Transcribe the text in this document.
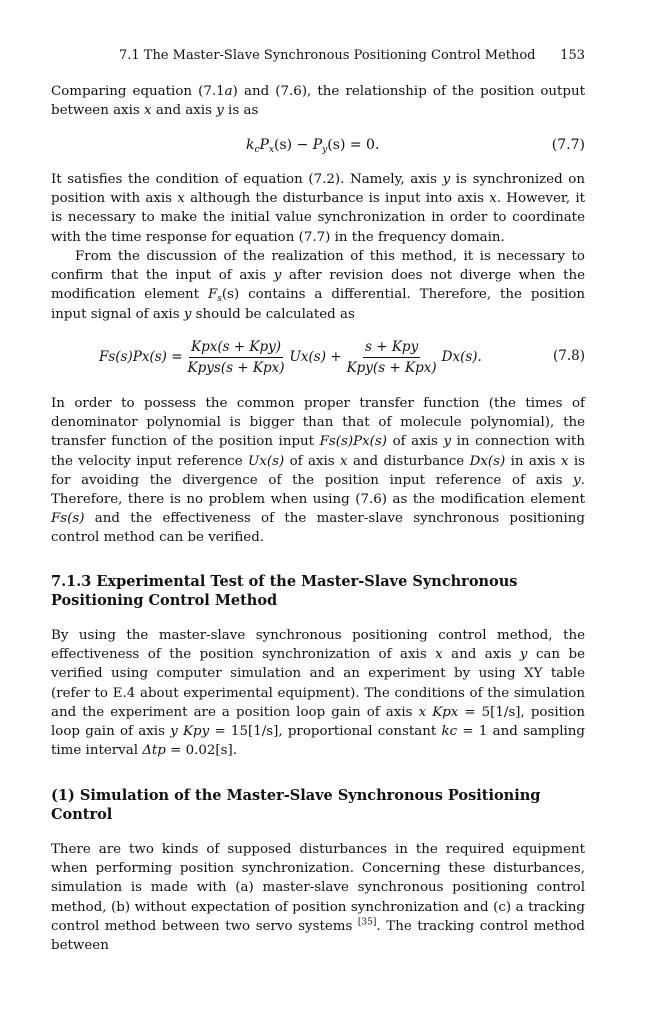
7.1 The Master-Slave Synchronous Positioning Control Method 153

Comparing equation (7.1a) and (7.6), the relationship of the position output between axis x and axis y is as

$k_cP_x(s) - P_y(s) = 0$.	(7.7)

It satisfies the condition of equation (7.2). Namely, axis y is synchronized on position with axis x although the disturbance is input into axis x. However, it is necessary to make the initial value synchronization in order to coordinate with the time response for equation (7.7) in the frequency domain.

From the discussion of the realization of this method, it is necessary to confirm that the input of axis y after revision does not diverge when the modification element $F_s(s)$ contains a differential. Therefore, the position input signal of axis y should be calculated as

$Fs(s)Px(s) = \frac{\text{Kpx(s + Kpy)}}{\text{Kpys(s + Kpx)}} Ux(s) + \frac{\text{s + Kpy}}{\text{Kpy(s + Kpx)}} Dx(s)$.	(7.8)

In order to possess the common proper transfer function (the times of denominator polynomial is bigger than that of molecule polynomial), the transfer function of the position input Fs(s)Px(s) of axis y in connection with the velocity input reference Ux(s) of axis x and disturbance Dx(s) in axis x is for avoiding the divergence of the position input reference of axis y. Therefore, there is no problem when using (7.6) as the modification element Fs(s) and the effectiveness of the master-slave synchronous positioning control method can be verified.

7.1.3 Experimental Test of the Master-Slave Synchronous
Positioning Control Method

By using the master-slave synchronous positioning control method, the effectiveness of the position synchronization of axis x and axis y can be verified using computer simulation and an experiment by using XY table (refer to E.4 about experimental equipment). The conditions of the simulation and the experiment are a position loop gain of axis x Kpx = 5[1/s], position loop gain of axis y Kpy = 15[1/s], proportional constant kc = 1 and sampling time interval Δtp = 0.02[s].

(1) Simulation of the Master-Slave Synchronous Positioning
Control

There are two kinds of supposed disturbances in the required equipment when performing position synchronization. Concerning these disturbances, simulation is made with (a) master-slave synchronous positioning control method, (b) without expectation of position synchronization and (c) a tracking control method between two servo systems [35]. The tracking control method between
